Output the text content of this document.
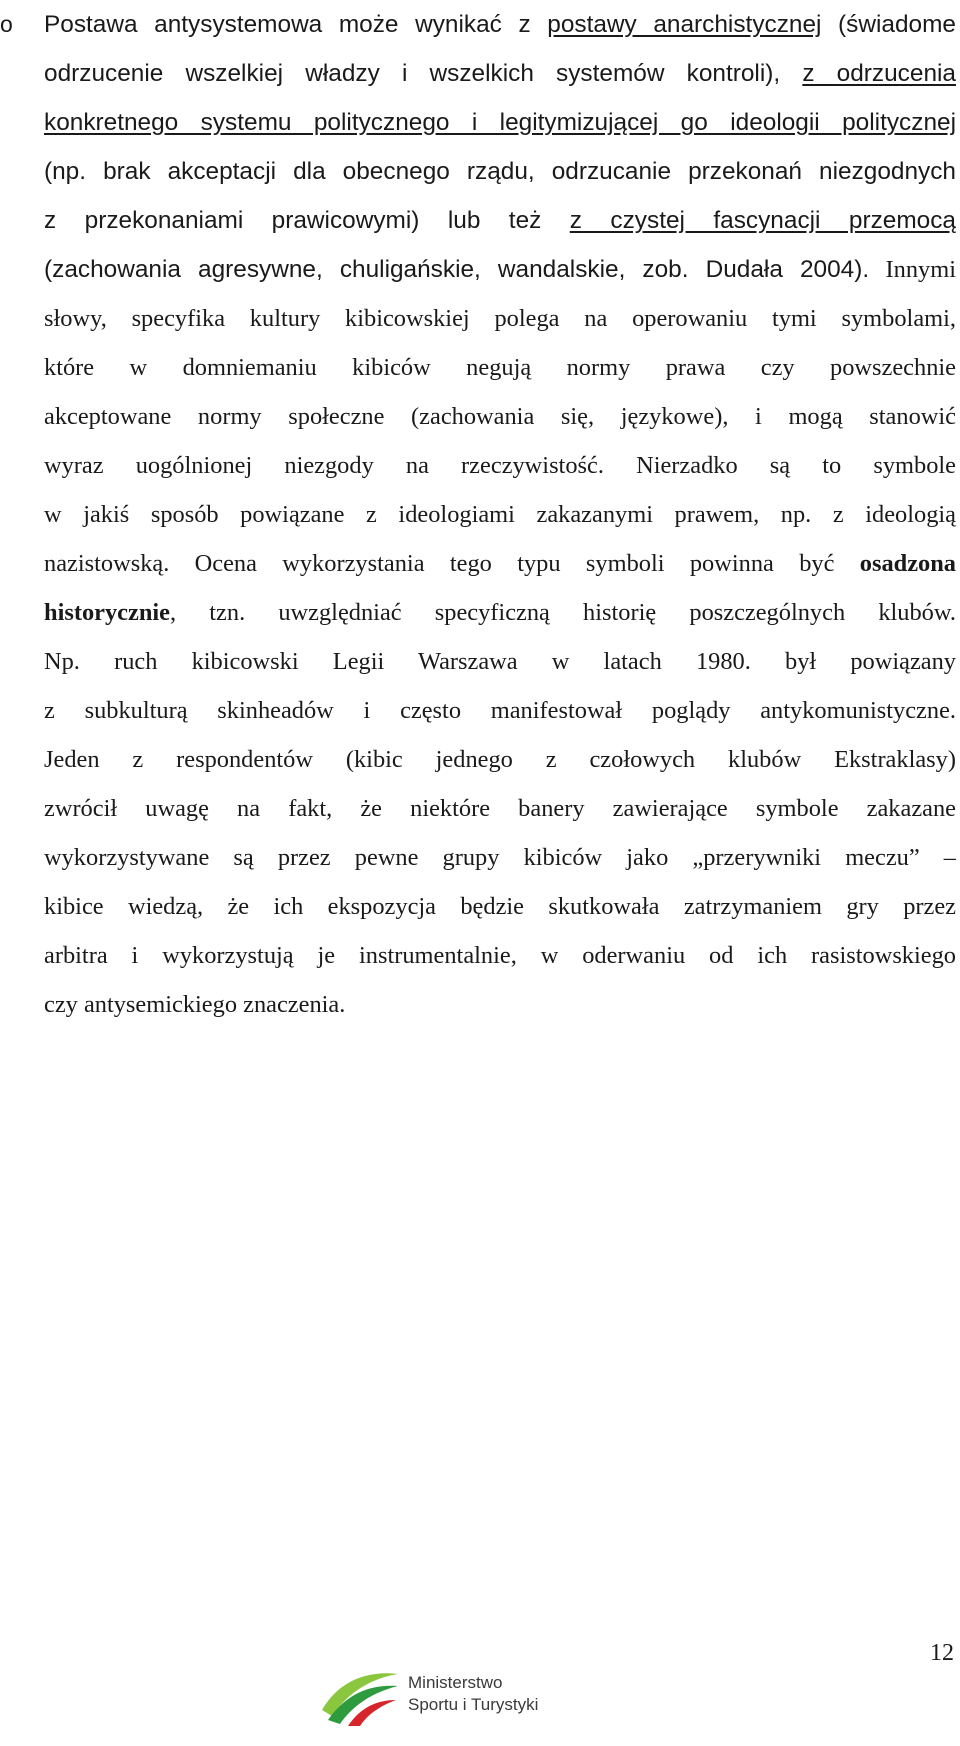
o Postawa antysystemowa może wynikać z postawy anarchistycznej (świadome
odrzucenie wszelkiej władzy i wszelkich systemów kontroli), z odrzucenia
konkretnego systemu politycznego i legitymizującej go ideologii politycznej
(np. brak akceptacji dla obecnego rządu, odrzucanie przekonań niezgodnych
z przekonaniami prawicowymi) lub też z czystej fascynacji przemocą
(zachowania agresywne, chuligańskie, wandalskie, zob. Dudała 2004). Innymi
słowy, specyfika kultury kibicowskiej polega na operowaniu tymi symbolami,
które w domniemaniu kibiców negują normy prawa czy powszechnie
akceptowane normy społeczne (zachowania się, językowe), i mogą stanowić
wyraz uogólnionej niezgody na rzeczywistość. Nierzadko są to symbole
w jakiś sposób powiązane z ideologiami zakazanymi prawem, np. z ideologią
nazistowską. Ocena wykorzystania tego typu symboli powinna być osadzona
historycznie, tzn. uwzględniać specyficzną historię poszczególnych klubów.
Np. ruch kibicowski Legii Warszawa w latach 1980. był powiązany
z subkulturą skinheadów i często manifestował poglądy antykomunistyczne.
Jeden z respondentów (kibic jednego z czołowych klubów Ekstraklasy)
zwrócił uwagę na fakt, że niektóre banery zawierające symbole zakazane
wykorzystywane są przez pewne grupy kibiców jako „przerywniki meczu” –
kibice wiedzą, że ich ekspozycja będzie skutkowała zatrzymaniem gry przez
arbitra i wykorzystują je instrumentalnie, w oderwaniu od ich rasistowskiego
czy antysemickiego znaczenia.
12
Ministerstwo
Sportu i Turystyki
